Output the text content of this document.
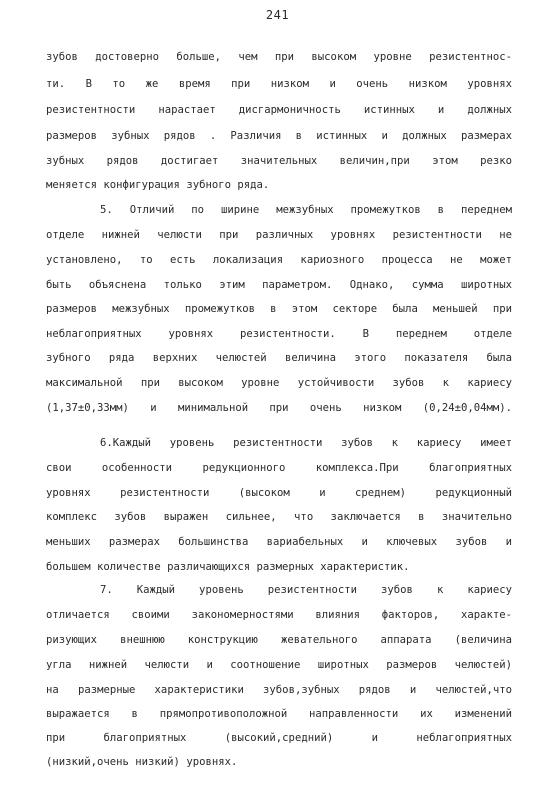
241
зубов достоверно больше, чем при высоком уровне резистентнос-
ти. В то же время при низком и очень низком уровнях
резистентности нарастает дисгармоничность истинных и должных
размеров зубных рядов . Различия в истинных и должных размерах
зубных рядов достигает значительных величин,при этом резко
меняется конфигурация зубного ряда.
5. Отличий по ширине межзубных промежутков в переднем
отделе нижней челюсти при различных уровнях резистентности не
установлено, то есть локализация кариозного процесса не может
быть объяснена только этим параметром. Однако, сумма широтных
размеров межзубных промежутков в этом секторе была меньшей при
неблагоприятных уровнях резистентности. В переднем отделе
зубного ряда верхних челюстей величина этого показателя была
максимальной при высоком уровне устойчивости зубов к кариесу
(1,37±0,33мм) и минимальной при очень низком (0,24±0,04мм).
6.Каждый уровень резистентности зубов к кариесу имеет
свои особенности редукционного комплекса.При благоприятных
уровнях резистентности (высоком и среднем) редукционный
комплекс зубов выражен сильнее, что заключается в значительно
меньших размерах большинства вариабельных и ключевых зубов и
большем количестве различающихся размерных характеристик.
7. Каждый уровень резистентности зубов к кариесу
отличается своими закономерностями влияния факторов, характе-
ризующих внешнюю конструкцию жевательного аппарата (величина
угла нижней челюсти и соотношение широтных размеров челюстей)
на размерные характеристики зубов,зубных рядов и челюстей,что
выражается в прямопротивоположной направленности их изменений
при благоприятных (высокий,средний) и неблагоприятных
(низкий,очень низкий) уровнях.
